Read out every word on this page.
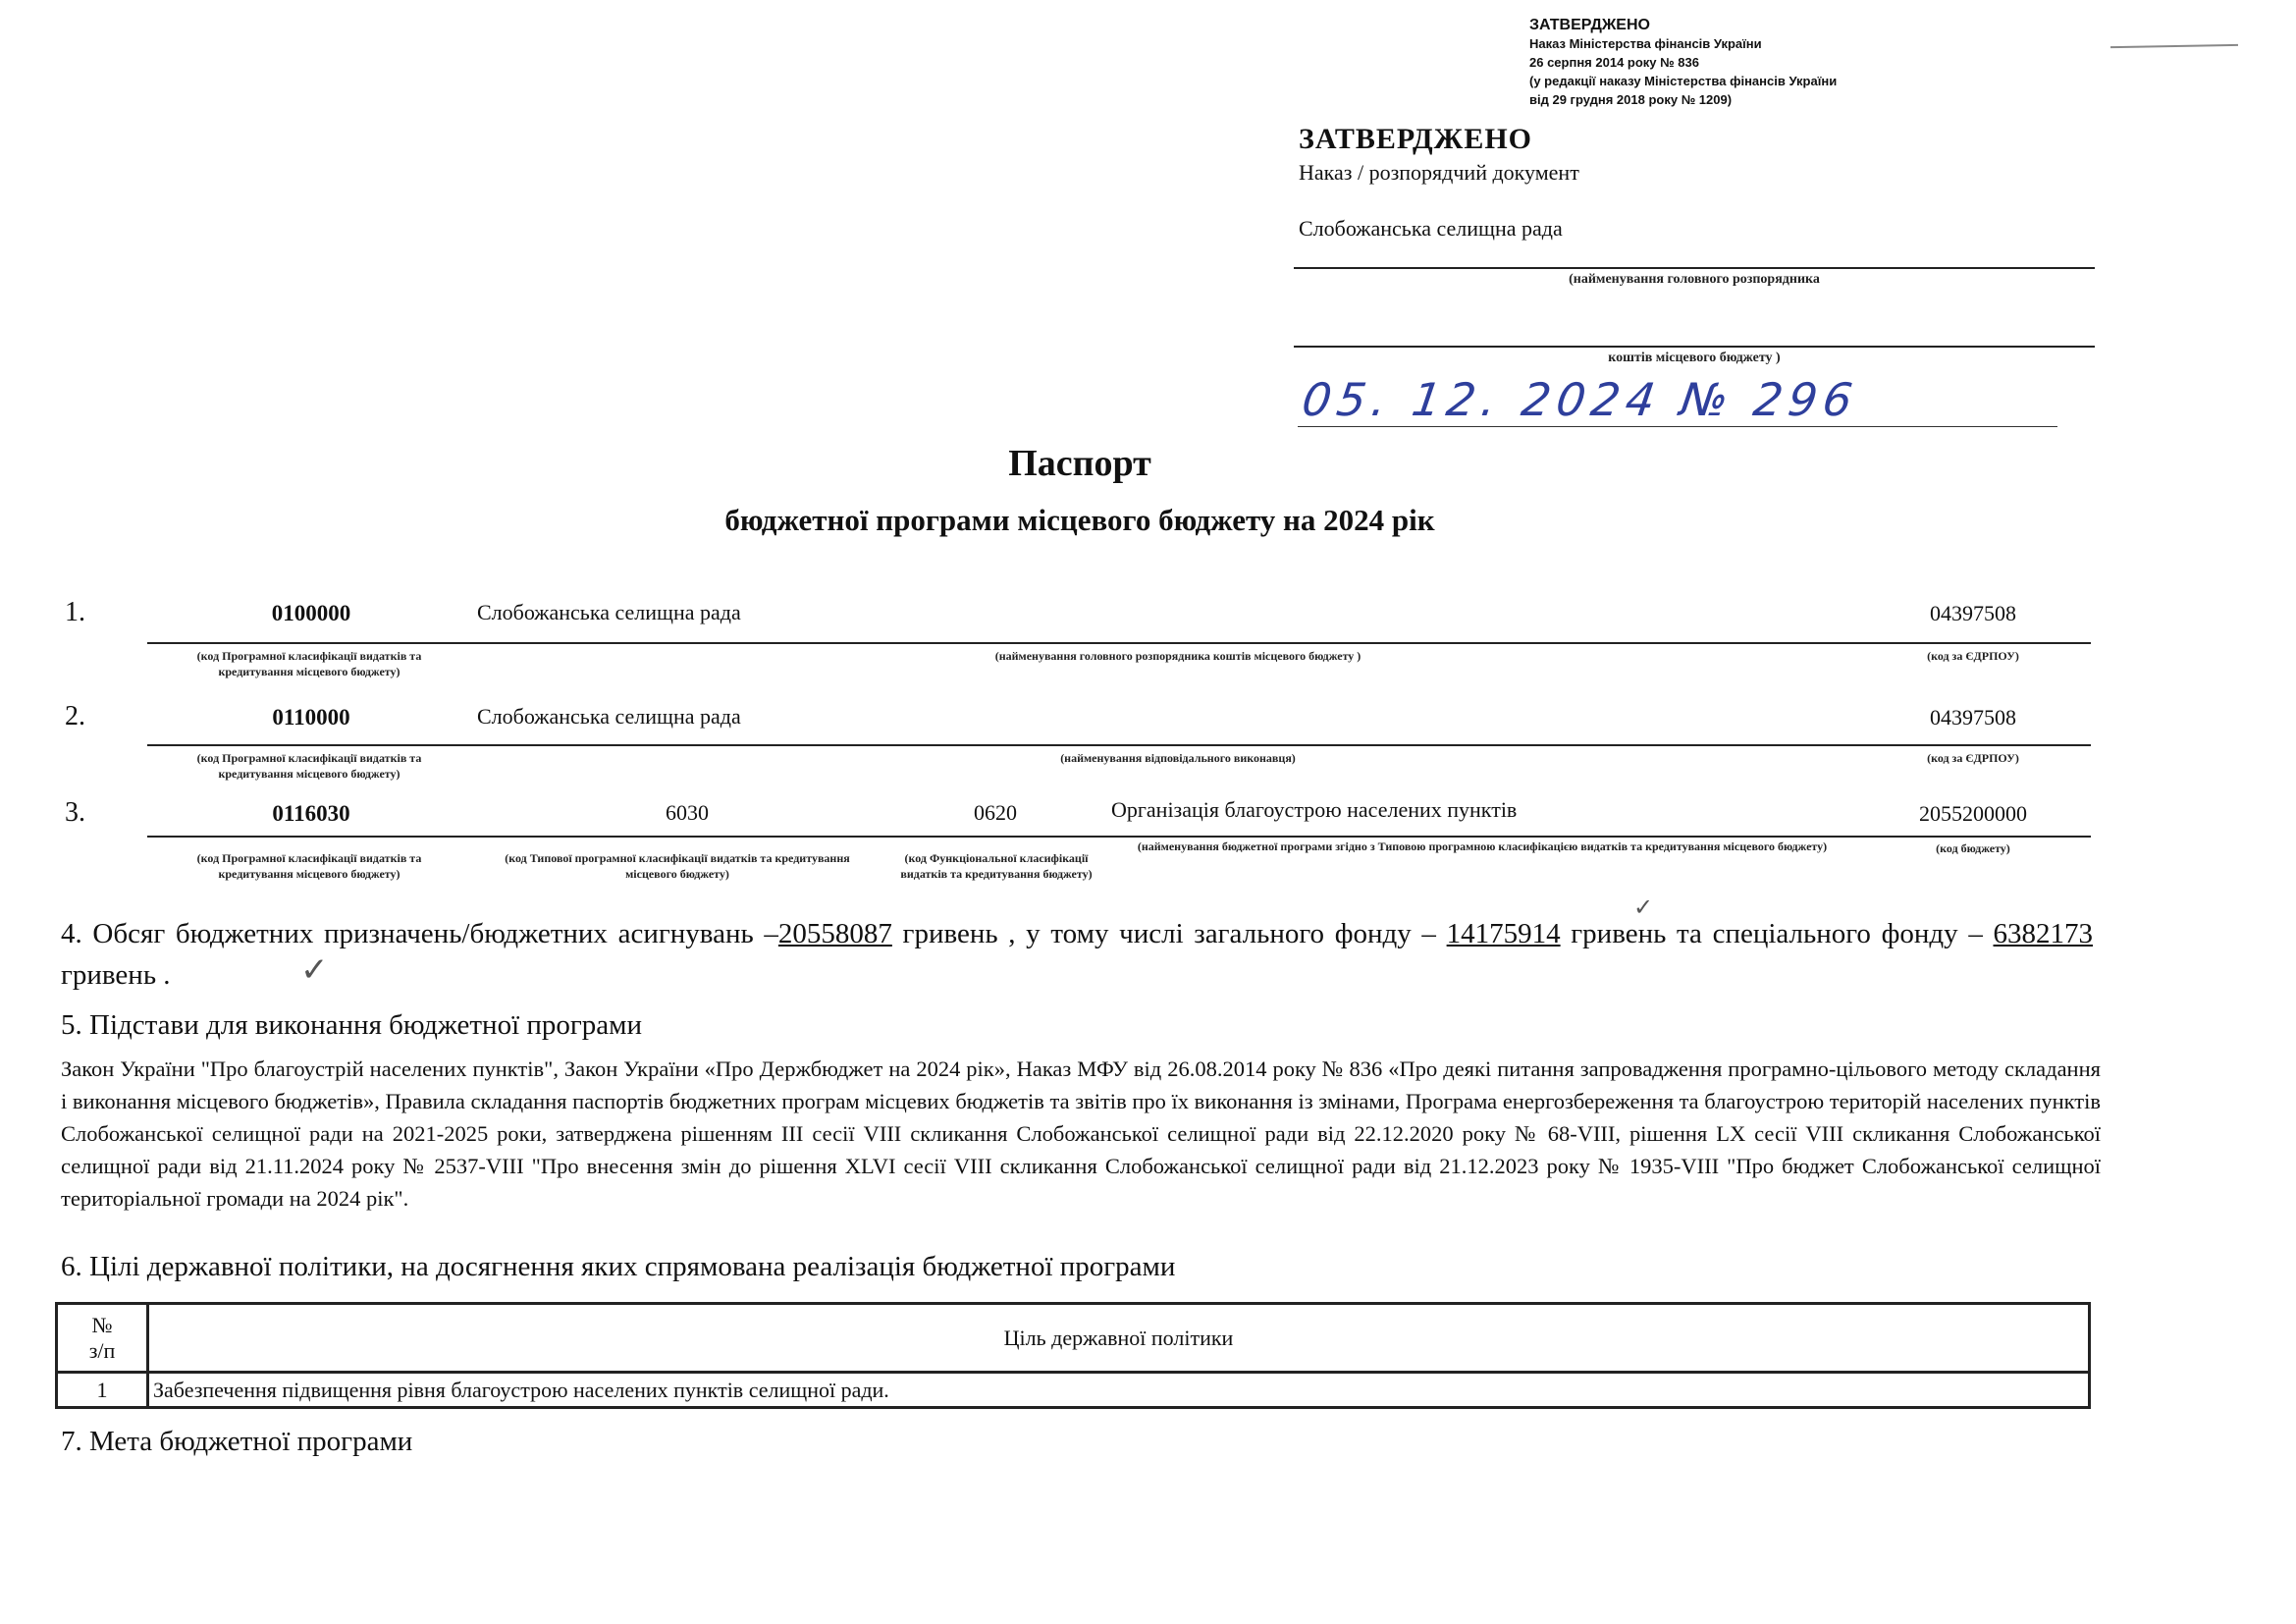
ЗАТВЕРДЖЕНО
Наказ Міністерства фінансів України
26 серпня 2014 року № 836
(у редакції наказу Міністерства фінансів України
від 29 грудня 2018 року № 1209)
ЗАТВЕРДЖЕНО
Наказ / розпорядчий документ
Слобожанська селищна рада
(найменування головного розпорядника
коштів місцевого бюджету )
05. 12. 2024 № 296
Паспорт
бюджетної програми місцевого бюджету на 2024 рік
1.	0100000	Слобожанська селищна рада	04397508
(код Програмної класифікації видатків та кредитування місцевого бюджету)
(найменування головного розпорядника коштів місцевого бюджету )	(код за ЄДРПОУ)
2.	0110000	Слобожанська селищна рада	04397508
(код Програмної класифікації видатків та кредитування місцевого бюджету)
(найменування відповідального виконавця)	(код за ЄДРПОУ)
3.	0116030	6030	0620	Організація благоустрою населених пунктів	2055200000
(код Програмної класифікації видатків та кредитування місцевого бюджету)
(код Типової програмної класифікації видатків та кредитування місцевого бюджету)
(код Функціональної класифікації видатків та кредитування бюджету)
(найменування бюджетної програми згідно з Типовою програмною класифікацією видатків та кредитування місцевого бюджету)	(код бюджету)
4. Обсяг бюджетних призначень/бюджетних асигнувань –20558087 гривень , у тому числі загального фонду – 14175914 гривень та спеціального фонду – 6382173 гривень .	✓
✓
5. Підстави для виконання бюджетної програми
Закон України "Про благоустрій населених пунктів", Закон України «Про Держбюджет на 2024 рік», Наказ МФУ від 26.08.2014 року № 836 «Про деякі питання запровадження програмно-цільового методу складання і виконання місцевого бюджетів», Правила складання паспортів бюджетних програм місцевих бюджетів та звітів про їх виконання із змінами, Програма енергозбереження та благоустрою територій населених пунктів Слобожанської селищної ради на 2021-2025 роки, затверджена рішенням III сесії VIII скликання Слобожанської селищної ради від 22.12.2020 року № 68-VIII, рішення LX сесії VIII скликання Слобожанської селищної ради від 21.11.2024 року № 2537-VIII "Про внесення змін до рішення XLVI сесії VIII скликання Слобожанської селищної ради від 21.12.2023 року № 1935-VIII "Про бюджет Слобожанської селищної територіальної громади на 2024 рік".
6. Цілі державної політики, на досягнення яких спрямована реалізація бюджетної програми
№
з/п	Ціль державної політики
1	Забезпечення підвищення рівня благоустрою населених пунктів селищної ради.
7. Мета бюджетної програми
